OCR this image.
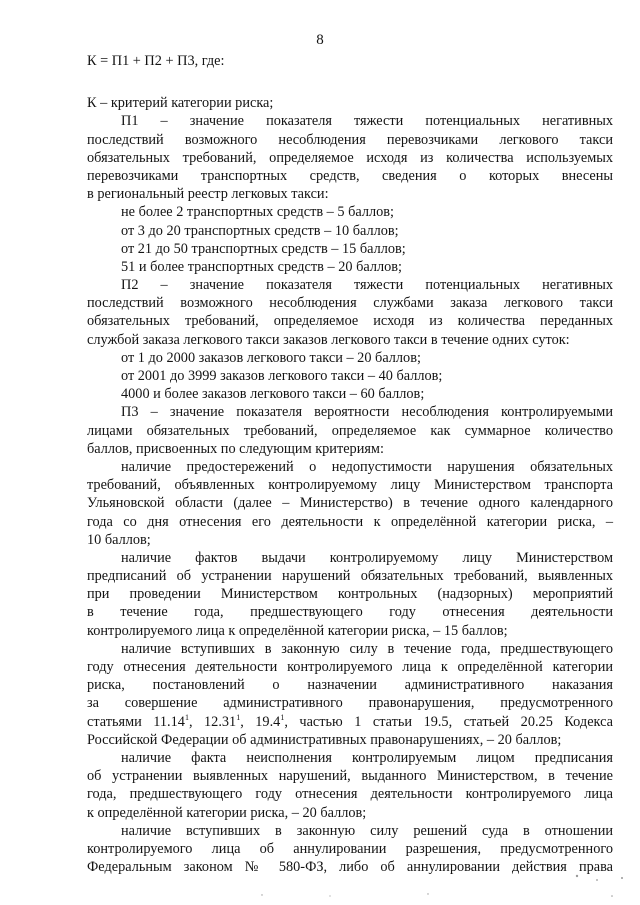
8
К = П1 + П2 + П3, где:
К – критерий категории риска;
П1 – значение показателя тяжести потенциальных негативных
последствий возможного несоблюдения перевозчиками легкового такси
обязательных требований, определяемое исходя из количества используемых
перевозчиками транспортных средств, сведения о которых внесены
в региональный реестр легковых такси:
не более 2 транспортных средств – 5 баллов;
от 3 до 20 транспортных средств – 10 баллов;
от 21 до 50 транспортных средств – 15 баллов;
51 и более транспортных средств – 20 баллов;
П2 – значение показателя тяжести потенциальных негативных
последствий возможного несоблюдения службами заказа легкового такси
обязательных требований, определяемое исходя из количества переданных
службой заказа легкового такси заказов легкового такси в течение одних суток:
от 1 до 2000 заказов легкового такси – 20 баллов;
от 2001 до 3999 заказов легкового такси – 40 баллов;
4000 и более заказов легкового такси – 60 баллов;
П3 – значение показателя вероятности несоблюдения контролируемыми
лицами обязательных требований, определяемое как суммарное количество
баллов, присвоенных по следующим критериям:
наличие предостережений о недопустимости нарушения обязательных
требований, объявленных контролируемому лицу Министерством транспорта
Ульяновской области (далее – Министерство) в течение одного календарного
года со дня отнесения его деятельности к определённой категории риска, –
10 баллов;
наличие фактов выдачи контролируемому лицу Министерством
предписаний об устранении нарушений обязательных требований, выявленных
при проведении Министерством контрольных (надзорных) мероприятий
в течение года, предшествующего году отнесения деятельности
контролируемого лица к определённой категории риска, – 15 баллов;
наличие вступивших в законную силу в течение года, предшествующего
году отнесения деятельности контролируемого лица к определённой категории
риска, постановлений о назначении административного наказания
за совершение административного правонарушения, предусмотренного
статьями 11.14$^1$, 12.31$^1$, 19.4$^1$, частью 1 статьи 19.5, статьей 20.25 Кодекса
Российской Федерации об административных правонарушениях, – 20 баллов;
наличие факта неисполнения контролируемым лицом предписания
об устранении выявленных нарушений, выданного Министерством, в течение
года, предшествующего году отнесения деятельности контролируемого лица
к определённой категории риска, – 20 баллов;
наличие вступивших в законную силу решений суда в отношении
контролируемого лица об аннулировании разрешения, предусмотренного
Федеральным законом № 580-ФЗ, либо об аннулировании действия права
